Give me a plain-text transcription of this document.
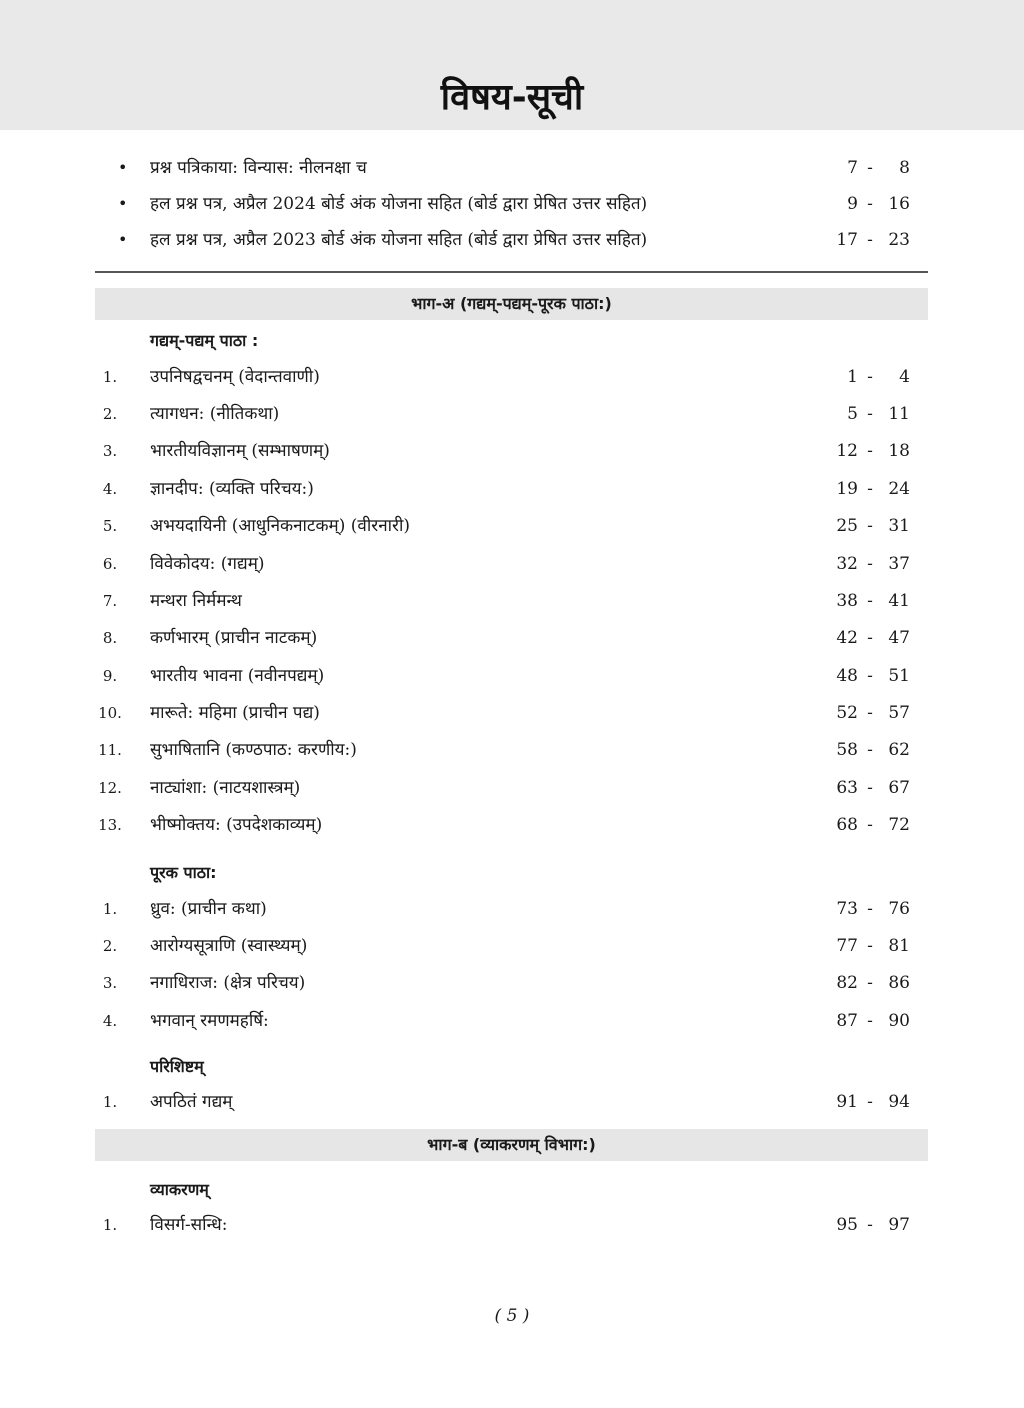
विषय-सूची
• प्रश्न पत्रिकाया: विन्यास: नीलनक्षा च	7 - 8
• हल प्रश्न पत्र, अप्रैल 2024 बोर्ड अंक योजना सहित (बोर्ड द्वारा प्रेषित उत्तर सहित)	9 - 16
• हल प्रश्न पत्र, अप्रैल 2023 बोर्ड अंक योजना सहित (बोर्ड द्वारा प्रेषित उत्तर सहित)	17 - 23
भाग-अ (गद्यम्-पद्यम्-पूरक पाठा:)
गद्यम्-पद्यम् पाठा :
1.	उपनिषद्वचनम् (वेदान्तवाणी)	1 - 4
2.	त्यागधन: (नीतिकथा)	5 - 11
3.	भारतीयविज्ञानम् (सम्भाषणम्)	12 - 18
4.	ज्ञानदीप: (व्यक्ति परिचय:)	19 - 24
5.	अभयदायिनी (आधुनिकनाटकम्) (वीरनारी)	25 - 31
6.	विवेकोदय: (गद्यम्)	32 - 37
7.	मन्थरा निर्ममन्थ	38 - 41
8.	कर्णभारम् (प्राचीन नाटकम्)	42 - 47
9.	भारतीय भावना (नवीनपद्यम्)	48 - 51
10.	मारूते: महिमा (प्राचीन पद्य)	52 - 57
11.	सुभाषितानि (कण्ठपाठ: करणीय:)	58 - 62
12.	नाट्यांशा: (नाटयशास्त्रम्)	63 - 67
13.	भीष्मोक्तय: (उपदेशकाव्यम्)	68 - 72
पूरक पाठा:
1.	ध्रुव: (प्राचीन कथा)	73 - 76
2.	आरोग्यसूत्राणि (स्वास्थ्यम्)	77 - 81
3.	नगाधिराज: (क्षेत्र परिचय)	82 - 86
4.	भगवान् रमणमहर्षि:	87 - 90
परिशिष्टम्
1.	अपठितं गद्यम्	91 - 94
भाग-ब (व्याकरणम् विभाग:)
व्याकरणम्
1.	विसर्ग-सन्धि:	95 - 97
( 5 )
